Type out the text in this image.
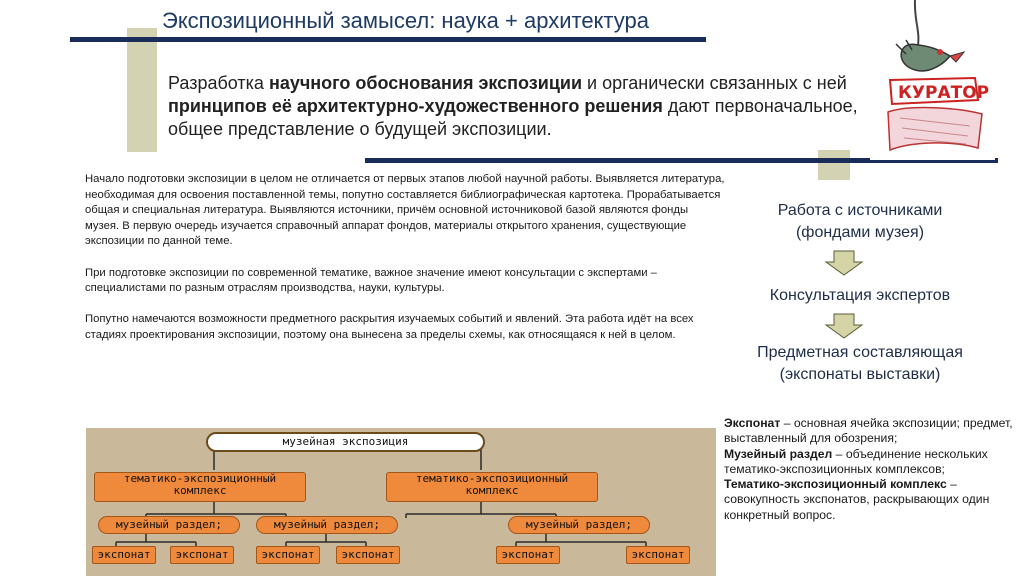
Экспозиционный замысел: наука + архитектура
Разработка научного обоснования экспозиции и органически связанных с ней принципов её архитектурно-художественного решения дают первоначальное, общее представление о будущей экспозиции.
КУРАТОР

Начало подготовки экспозиции в целом не отличается от первых этапов любой научной работы. Выявляется литература, необходимая для освоения поставленной темы, попутно составляется библиографическая картотека. Прорабатывается общая и специальная литература. Выявляются источники, причём основной источниковой базой являются фонды музея. В первую очередь изучается справочный аппарат фондов, материалы открытого хранения, существующие экспозиции по данной теме.

При подготовке экспозиции по современной тематике, важное значение имеют консультации с экспертами – специалистами по разным отраслям производства, науки, культуры.

Попутно намечаются возможности предметного раскрытия изучаемых событий и явлений. Эта работа идёт на всех стадиях проектирования экспозиции, поэтому она вынесена за пределы схемы, как относящаяся к ней в целом.

Работа с источниками
(фондами музея)
Консультация экспертов
Предметная составляющая
(экспонаты выставки)

Экспонат – основная ячейка экспозиции; предмет, выставленный для обозрения;

Музейный раздел – объединение нескольких тематико-экспозиционных комплексов;

Тематико-экспозиционный комплекс – совокупность экспонатов, раскрывающих один конкретный вопрос.

музейная экспозиция
тематико-экспозиционный
комплекс
тематико-экспозиционный
комплекс
музейный раздел;	музейный раздел;	музейный раздел;
экспонат	экспонат	экспонат	экспонат	экспонат	экспонат
